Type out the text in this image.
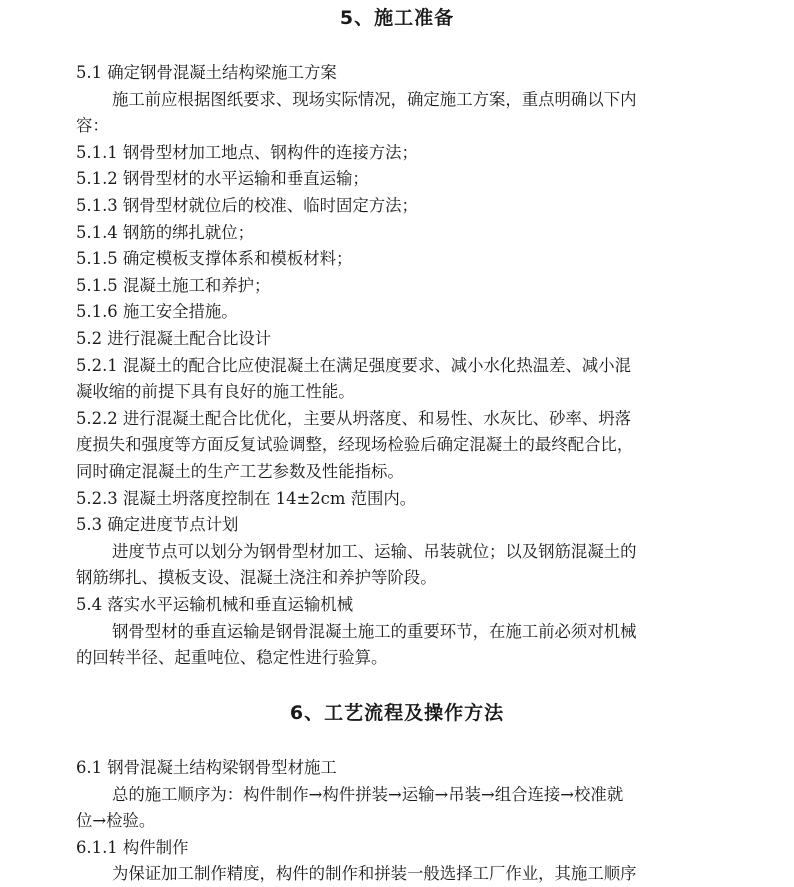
5、施工准备
5.1 确定钢骨混凝土结构梁施工方案
施工前应根据图纸要求、现场实际情况，确定施工方案，重点明确以下内
容：
5.1.1 钢骨型材加工地点、钢构件的连接方法；
5.1.2 钢骨型材的水平运输和垂直运输；
5.1.3 钢骨型材就位后的校准、临时固定方法；
5.1.4 钢筋的绑扎就位；
5.1.5 确定模板支撑体系和模板材料；
5.1.5 混凝土施工和养护；
5.1.6 施工安全措施。
5.2 进行混凝土配合比设计
5.2.1 混凝土的配合比应使混凝土在满足强度要求、减小水化热温差、减小混
凝收缩的前提下具有良好的施工性能。
5.2.2 进行混凝土配合比优化，主要从坍落度、和易性、水灰比、砂率、坍落
度损失和强度等方面反复试验调整，经现场检验后确定混凝土的最终配合比，
同时确定混凝土的生产工艺参数及性能指标。
5.2.3 混凝土坍落度控制在 14±2cm 范围内。
5.3 确定进度节点计划
进度节点可以划分为钢骨型材加工、运输、吊装就位；以及钢筋混凝土的
钢筋绑扎、摸板支设、混凝土浇注和养护等阶段。
5.4 落实水平运输机械和垂直运输机械
钢骨型材的垂直运输是钢骨混凝土施工的重要环节，在施工前必须对机械
的回转半径、起重吨位、稳定性进行验算。
6、工艺流程及操作方法
6.1 钢骨混凝土结构梁钢骨型材施工
总的施工顺序为：构件制作→构件拼装→运输→吊装→组合连接→校准就
位→检验。
6.1.1 构件制作
为保证加工制作精度，构件的制作和拼装一般选择工厂作业，其施工顺序
